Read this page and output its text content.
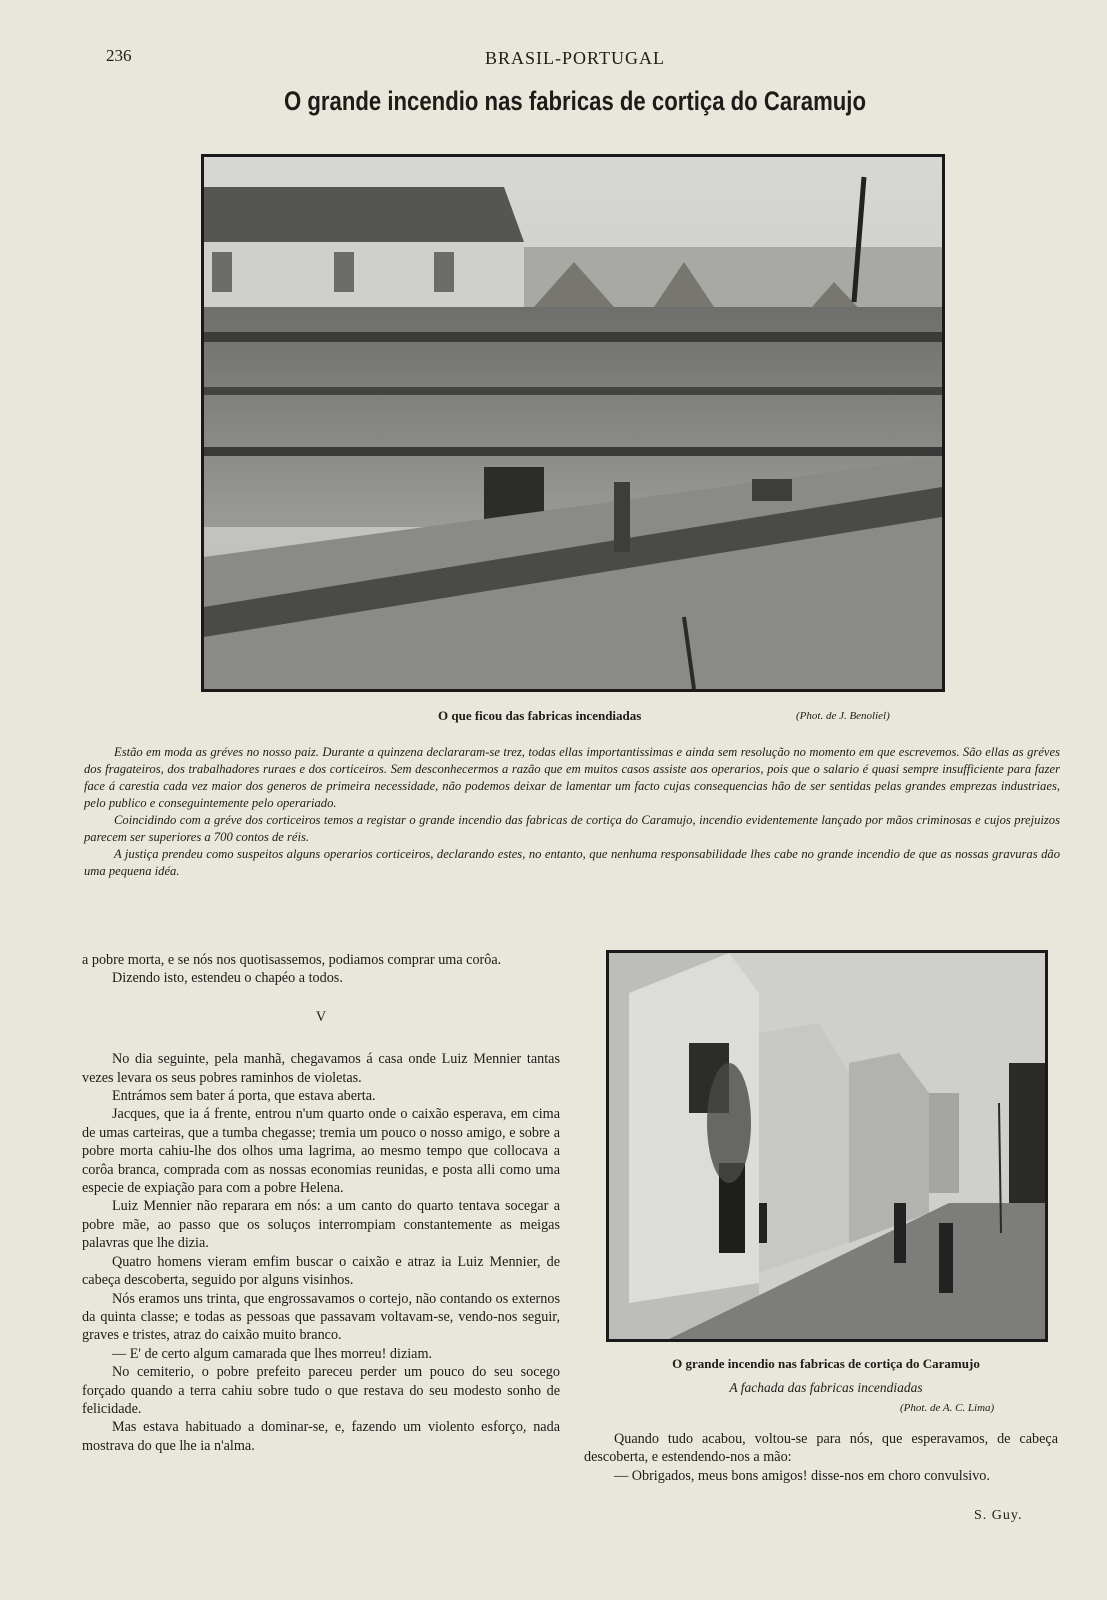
236	BRASIL-PORTUGAL
O grande incendio nas fabricas de cortiça do Caramujo
O que ficou das fabricas incendiadas	(Phot. de J. Benoliel)

Estão em moda as gréves no nosso paiz. Durante a quinzena declararam-se trez, todas ellas importantissimas e ainda sem resolução no momento em que escrevemos. São ellas as gréves dos fragateiros, dos trabalhadores ruraes e dos corticeiros. Sem desconhecermos a razão que em muitos casos assiste aos operarios, pois que o salario é quasi sempre insufficiente para fazer face á carestia cada vez maior dos generos de primeira necessidade, não podemos deixar de lamentar um facto cujas consequencias hão de ser sentidas pelas grandes emprezas industriaes, pelo publico e conseguintemente pelo operariado.

Coincidindo com a gréve dos corticeiros temos a registar o grande incendio das fabricas de cortiça do Caramujo, incendio evidentemente lançado por mãos criminosas e cujos prejuizos parecem ser superiores a 700 contos de réis.

A justiça prendeu como suspeitos alguns operarios corticeiros, declarando estes, no entanto, que nenhuma responsabilidade lhes cabe no grande incendio de que as nossas gravuras dão uma pequena idéa.

a pobre morta, e se nós nos quotisassemos, podiamos comprar uma corôa.

Dizendo isto, estendeu o chapéo a todos.

V

No dia seguinte, pela manhã, chegavamos á casa onde Luiz Mennier tantas vezes levara os seus pobres raminhos de violetas.

Entrámos sem bater á porta, que estava aberta.

Jacques, que ia á frente, entrou n'um quarto onde o caixão esperava, em cima de umas carteiras, que a tumba chegasse; tremia um pouco o nosso amigo, e sobre a pobre morta cahiu-lhe dos olhos uma lagrima, ao mesmo tempo que collocava a corôa branca, comprada com as nossas economias reunidas, e posta alli como uma especie de expiação para com a pobre Helena.

Luiz Mennier não reparara em nós: a um canto do quarto tentava socegar a pobre mãe, ao passo que os soluços interrompiam constantemente as meigas palavras que lhe dizia.

Quatro homens vieram emfim buscar o caixão e atraz ia Luiz Mennier, de cabeça descoberta, seguido por alguns visinhos.

Nós eramos uns trinta, que engrossavamos o cortejo, não contando os externos da quinta classe; e todas as pessoas que passavam voltavam-se, vendo-nos seguir, graves e tristes, atraz do caixão muito branco.

— E' de certo algum camarada que lhes morreu! diziam.

No cemiterio, o pobre prefeito pareceu perder um pouco do seu socego forçado quando a terra cahiu sobre tudo o que restava do seu modesto sonho de felicidade.

Mas estava habituado a dominar-se, e, fazendo um violento esforço, nada mostrava do que lhe ia n'alma.

O grande incendio nas fabricas de cortiça do Caramujo
A fachada das fabricas incendiadas
(Phot. de A. C. Lima)

Quando tudo acabou, voltou-se para nós, que esperavamos, de cabeça descoberta, e estendendo-nos a mão:

— Obrigados, meus bons amigos! disse-nos em choro convulsivo.

S. Guy.
